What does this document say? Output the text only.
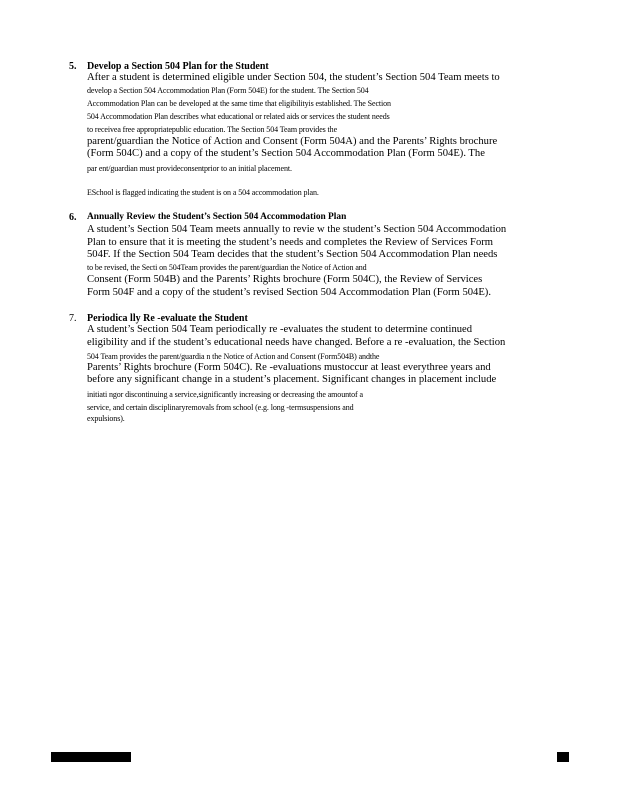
5. Develop a Section 504 Plan for the Student
After a student is determined eligible under Section 504, the student’s Section 504 Team meets to
develop a Section 504 Accommodation Plan (Form 504E) for the student. The Section 504
Accommodation Plan can be developed at the same time that eligibilityis established. The Section
504 Accommodation Plan describes what educational or related aids or services the student needs
to receivea free appropriatepublic education. The Section 504 Team provides the
parent/guardian the Notice of Action and Consent (Form 504A) and the Parents’ Rights brochure
(Form 504C) and a copy of the student’s Section 504 Accommodation Plan (Form 504E). The
par ent/guardian must provideconsentprior to an initial placement.
ESchool is flagged indicating the student is on a 504 accommodation plan.
6. Annually Review the Student’s Section 504 Accommodation Plan
A student’s Section 504 Team meets annually to revie w the student’s Section 504 Accommodation
Plan to ensure that it is meeting the student’s needs and completes the Review of Services Form
504F. If the Section 504 Team decides that the student’s Section 504 Accommodation Plan needs
to be revised, the Secti on 504Team provides the parent/guardian the Notice of Action and
Consent (Form 504B) and the Parents’ Rights brochure (Form 504C), the Review of Services
Form 504F and a copy of the student’s revised Section 504 Accommodation Plan (Form 504E).
7. Periodica lly Re -evaluate the Student
A student’s Section 504 Team periodically re -evaluates the student to determine continued
eligibility and if the student’s educational needs have changed. Before a re -evaluation, the Section
504 Team provides the parent/guardia n the Notice of Action and Consent (Form504B) andthe
Parents’ Rights brochure (Form 504C). Re -evaluations mustoccur at least everythree years and
before any significant change in a student’s placement. Significant changes in placement include
initiati ngor discontinuing a service,significantly increasing or decreasing the amountof a
service, and certain disciplinaryremovals from school (e.g. long -termsuspensions and
expulsions).
